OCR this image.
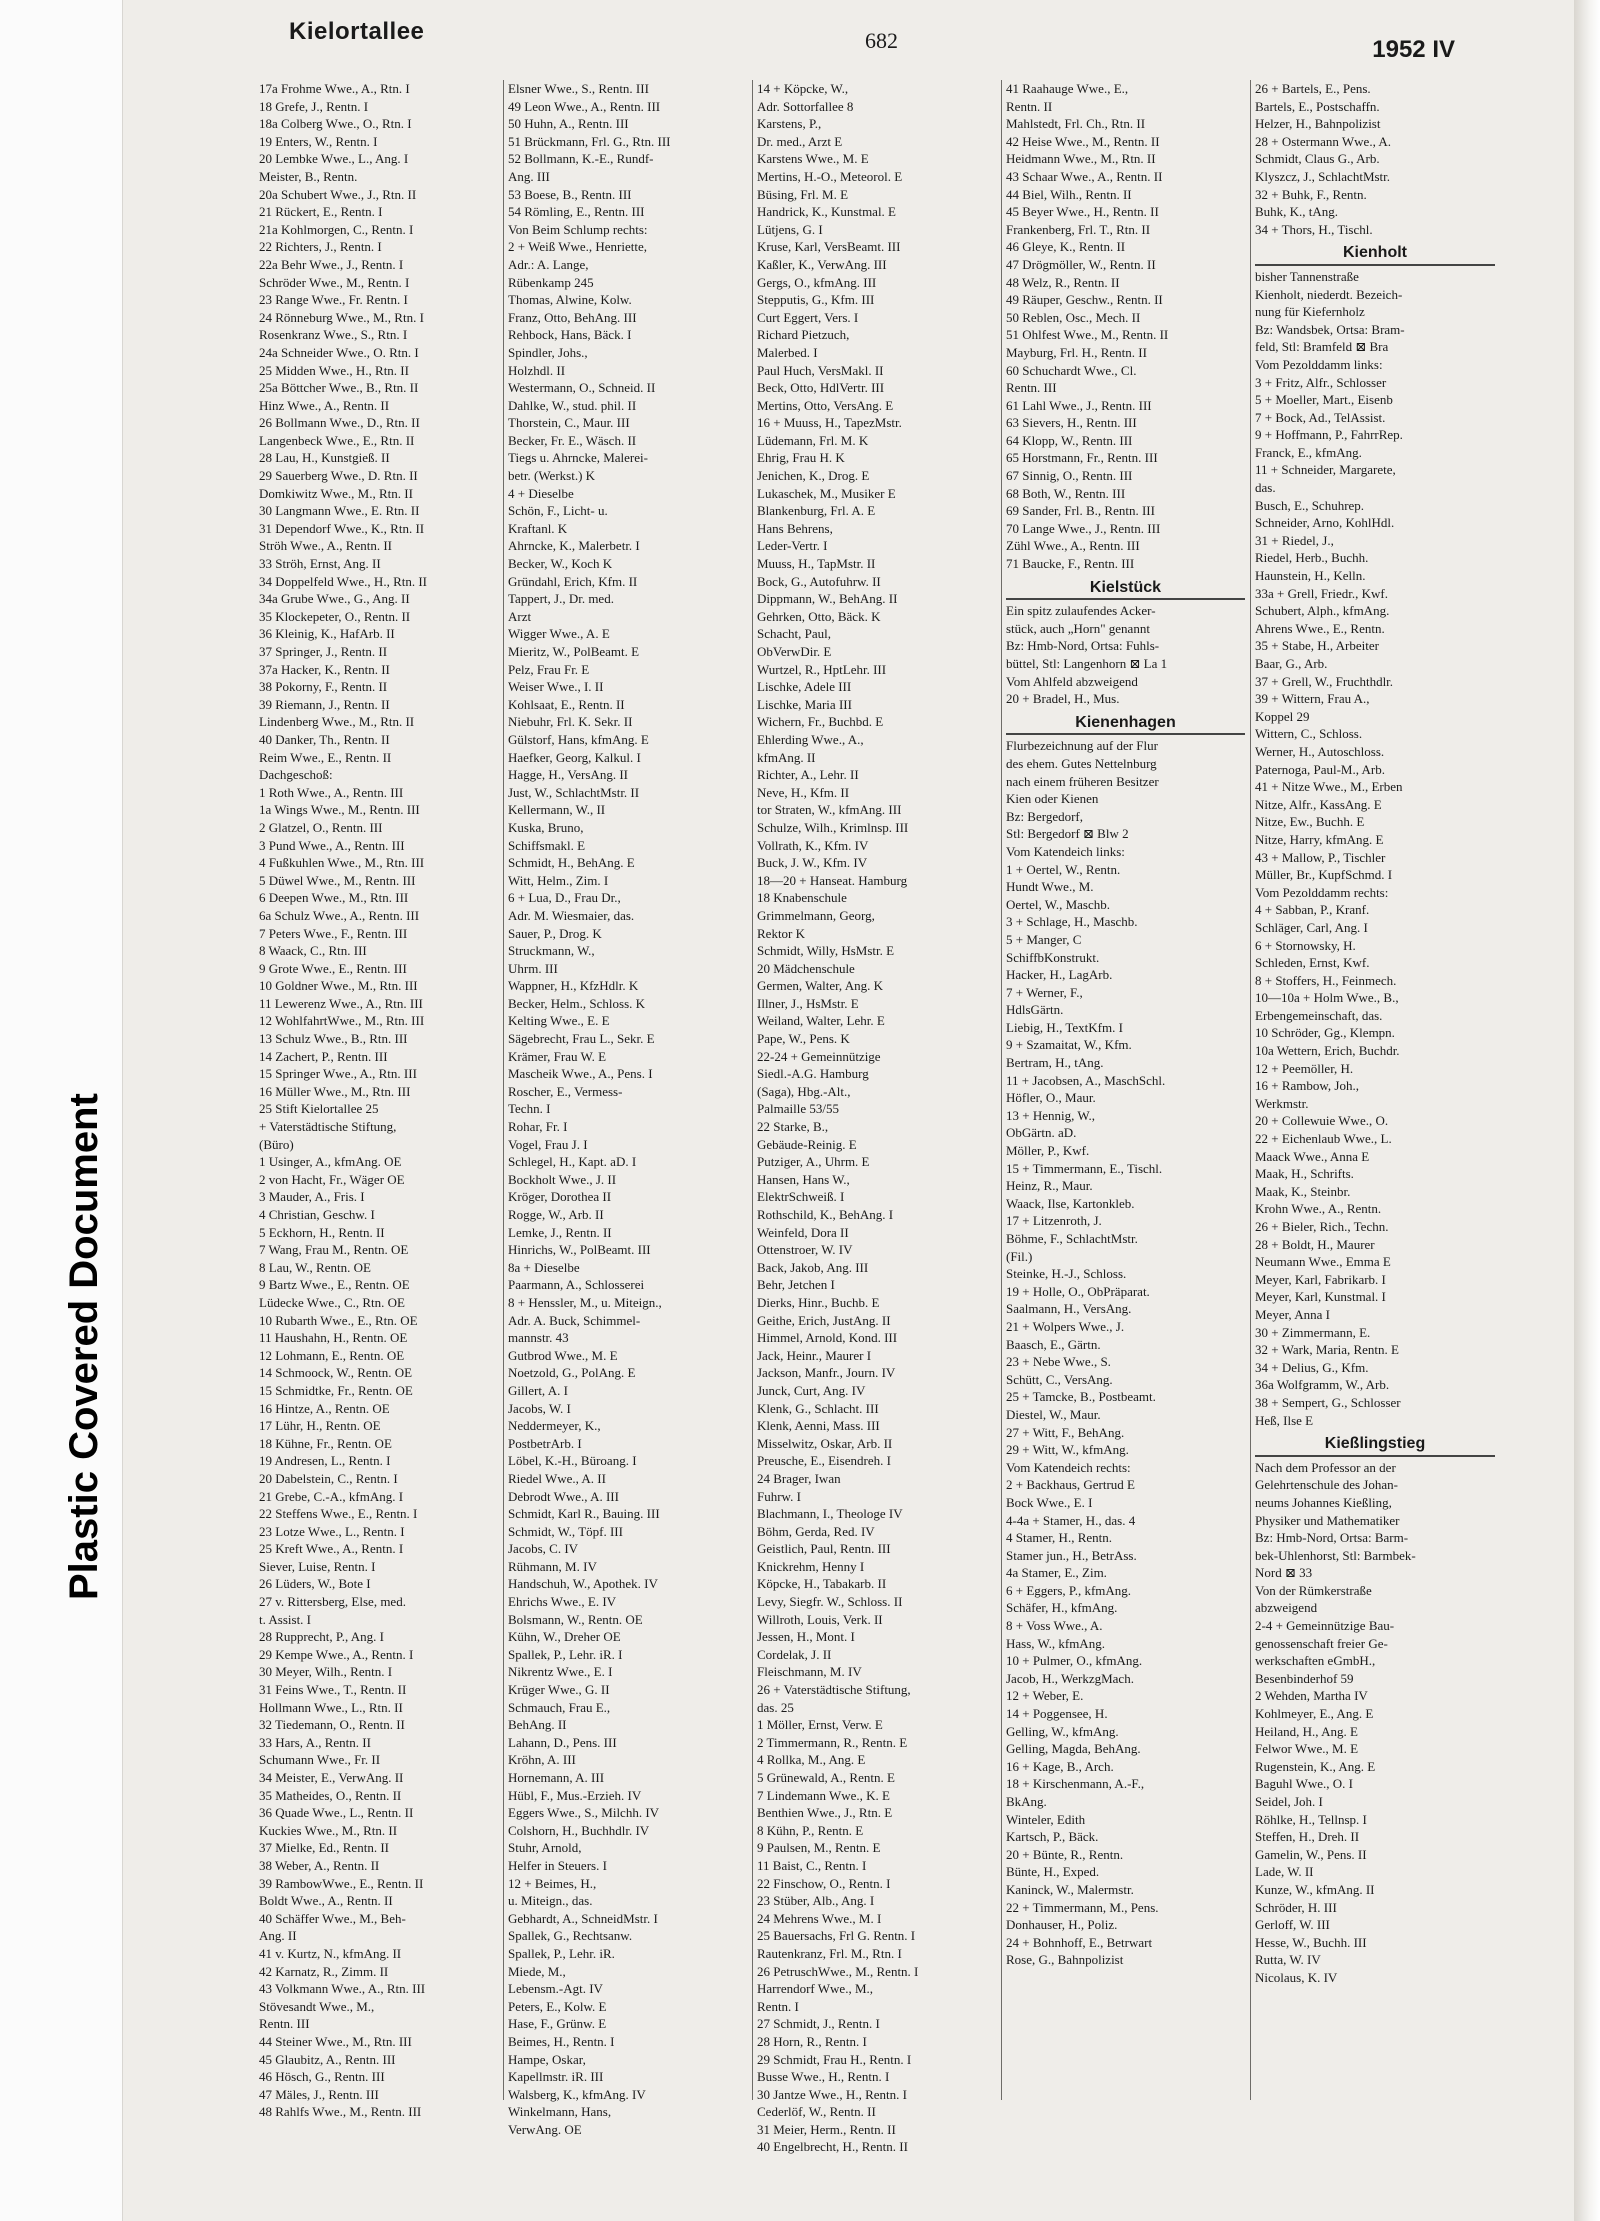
Plastic Covered Document
Kielortallee	682	1952 IV
17a Frohme Wwe., A., Rtn. I
18 Grefe, J., Rentn. I
18a Colberg Wwe., O., Rtn. I
19 Enters, W., Rentn. I
20 Lembke Wwe., L., Ang. I
Meister, B., Rentn.
20a Schubert Wwe., J., Rtn. II
21 Rückert, E., Rentn. I
21a Kohlmorgen, C., Rentn. I
22 Richters, J., Rentn. I
22a Behr Wwe., J., Rentn. I
Schröder Wwe., M., Rentn. I
23 Range Wwe., Fr. Rentn. I
24 Rönneburg Wwe., M., Rtn. I
Rosenkranz Wwe., S., Rtn. I
24a Schneider Wwe., O. Rtn. I
25 Midden Wwe., H., Rtn. II
25a Böttcher Wwe., B., Rtn. II
Hinz Wwe., A., Rentn. II
26 Bollmann Wwe., D., Rtn. II
Langenbeck Wwe., E., Rtn. II
28 Lau, H., Kunstgieß. II
29 Sauerberg Wwe., D. Rtn. II
Domkiwitz Wwe., M., Rtn. II
30 Langmann Wwe., E. Rtn. II
31 Dependorf Wwe., K., Rtn. II
Ströh Wwe., A., Rentn. II
33 Ströh, Ernst, Ang. II
34 Doppelfeld Wwe., H., Rtn. II
34a Grube Wwe., G., Ang. II
35 Klockepeter, O., Rentn. II
36 Kleinig, K., HafArb. II
37 Springer, J., Rentn. II
37a Hacker, K., Rentn. II
38 Pokorny, F., Rentn. II
39 Riemann, J., Rentn. II
Lindenberg Wwe., M., Rtn. II
40 Danker, Th., Rentn. II
Reim Wwe., E., Rentn. II
Dachgeschoß:
1 Roth Wwe., A., Rentn. III
1a Wings Wwe., M., Rentn. III
2 Glatzel, O., Rentn. III
3 Pund Wwe., A., Rentn. III
4 Fußkuhlen Wwe., M., Rtn. III
5 Düwel Wwe., M., Rentn. III
6 Deepen Wwe., M., Rtn. III
6a Schulz Wwe., A., Rentn. III
7 Peters Wwe., F., Rentn. III
8 Waack, C., Rtn. III
9 Grote Wwe., E., Rentn. III
10 Goldner Wwe., M., Rtn. III
11 Lewerenz Wwe., A., Rtn. III
12 WohlfahrtWwe., M., Rtn. III
13 Schulz Wwe., B., Rtn. III
14 Zachert, P., Rentn. III
15 Springer Wwe., A., Rtn. III
16 Müller Wwe., M., Rtn. III
25 Stift Kielortallee 25
+ Vaterstädtische Stiftung,
(Büro)
1 Usinger, A., kfmAng. OE
2 von Hacht, Fr., Wäger OE
3 Mauder, A., Fris. I
4 Christian, Geschw. I
5 Eckhorn, H., Rentn. II
7 Wang, Frau M., Rentn. OE
8 Lau, W., Rentn. OE
9 Bartz Wwe., E., Rentn. OE
Lüdecke Wwe., C., Rtn. OE
10 Rubarth Wwe., E., Rtn. OE
11 Haushahn, H., Rentn. OE
12 Lohmann, E., Rentn. OE
14 Schmoock, W., Rentn. OE
15 Schmidtke, Fr., Rentn. OE
16 Hintze, A., Rentn. OE
17 Lühr, H., Rentn. OE
18 Kühne, Fr., Rentn. OE
19 Andresen, L., Rentn. I
20 Dabelstein, C., Rentn. I
21 Grebe, C.-A., kfmAng. I
22 Steffens Wwe., E., Rentn. I
23 Lotze Wwe., L., Rentn. I
25 Kreft Wwe., A., Rentn. I
Siever, Luise, Rentn. I
26 Lüders, W., Bote I
27 v. Rittersberg, Else, med.
t. Assist. I
28 Rupprecht, P., Ang. I
29 Kempe Wwe., A., Rentn. I
30 Meyer, Wilh., Rentn. I
31 Feins Wwe., T., Rentn. II
Hollmann Wwe., L., Rtn. II
32 Tiedemann, O., Rentn. II
33 Hars, A., Rentn. II
Schumann Wwe., Fr. II
34 Meister, E., VerwAng. II
35 Matheides, O., Rentn. II
36 Quade Wwe., L., Rentn. II
Kuckies Wwe., M., Rtn. II
37 Mielke, Ed., Rentn. II
38 Weber, A., Rentn. II
39 RambowWwe., E., Rentn. II
Boldt Wwe., A., Rentn. II
40 Schäffer Wwe., M., Beh-
Ang. II
41 v. Kurtz, N., kfmAng. II
42 Karnatz, R., Zimm. II
43 Volkmann Wwe., A., Rtn. III
Stövesandt Wwe., M.,
Rentn. III
44 Steiner Wwe., M., Rtn. III
45 Glaubitz, A., Rentn. III
46 Hösch, G., Rentn. III
47 Mäles, J., Rentn. III
48 Rahlfs Wwe., M., Rentn. III
Elsner Wwe., S., Rentn. III
49 Leon Wwe., A., Rentn. III
50 Huhn, A., Rentn. III
51 Brückmann, Frl. G., Rtn. III
52 Bollmann, K.-E., Rundf-
Ang. III
53 Boese, B., Rentn. III
54 Römling, E., Rentn. III
Von Beim Schlump rechts:
2 + Weiß Wwe., Henriette,
Adr.: A. Lange,
Rübenkamp 245
Thomas, Alwine, Kolw.
Franz, Otto, BehAng. III
Rehbock, Hans, Bäck. I
Spindler, Johs.,
Holzhdl. II
Westermann, O., Schneid. II
Dahlke, W., stud. phil. II
Thorstein, C., Maur. III
Becker, Fr. E., Wäsch. II
Tiegs u. Ahrncke, Malerei-
betr. (Werkst.) K
4 + Dieselbe
Schön, F., Licht- u.
Kraftanl. K
Ahrncke, K., Malerbetr. I
Becker, W., Koch K
Gründahl, Erich, Kfm. II
Tappert, J., Dr. med.
Arzt
Wigger Wwe., A. E
Mieritz, W., PolBeamt. E
Pelz, Frau Fr. E
Weiser Wwe., I. II
Kohlsaat, E., Rentn. II
Niebuhr, Frl. K. Sekr. II
Gülstorf, Hans, kfmAng. E
Haefker, Georg, Kalkul. I
Hagge, H., VersAng. II
Just, W., SchlachtMstr. II
Kellermann, W., II
Kuska, Bruno,
Schiffsmakl. E
Schmidt, H., BehAng. E
Witt, Helm., Zim. I
6 + Lua, D., Frau Dr.,
Adr. M. Wiesmaier, das.
Sauer, P., Drog. K
Struckmann, W.,
Uhrm. III
Wappner, H., KfzHdlr. K
Becker, Helm., Schloss. K
Kelting Wwe., E. E
Sägebrecht, Frau L., Sekr. E
Krämer, Frau W. E
Mascheik Wwe., A., Pens. I
Roscher, E., Vermess-
Techn. I
Rohar, Fr. I
Vogel, Frau J. I
Schlegel, H., Kapt. aD. I
Bockholt Wwe., J. II
Kröger, Dorothea II
Rogge, W., Arb. II
Lemke, J., Rentn. II
Hinrichs, W., PolBeamt. III
8a + Dieselbe
Paarmann, A., Schlosserei
8 + Henssler, M., u. Miteign.,
Adr. A. Buck, Schimmel-
mannstr. 43
Gutbrod Wwe., M. E
Noetzold, G., PolAng. E
Gillert, A. I
Jacobs, W. I
Neddermeyer, K.,
PostbetrArb. I
Löbel, K.-H., Büroang. I
Riedel Wwe., A. II
Debrodt Wwe., A. III
Schmidt, Karl R., Bauing. III
Schmidt, W., Töpf. III
Jacobs, C. IV
Rühmann, M. IV
Handschuh, W., Apothek. IV
Ehrichs Wwe., E. IV
Bolsmann, W., Rentn. OE
Kühn, W., Dreher OE
Spallek, P., Lehr. iR. I
Nikrentz Wwe., E. I
Krüger Wwe., G. II
Schmauch, Frau E.,
BehAng. II
Lahann, D., Pens. III
Kröhn, A. III
Hornemann, A. III
Hübl, F., Mus.-Erzieh. IV
Eggers Wwe., S., Milchh. IV
Colshorn, H., Buchhdlr. IV
Stuhr, Arnold,
Helfer in Steuers. I
12 + Beimes, H.,
u. Miteign., das.
Gebhardt, A., SchneidMstr. I
Spallek, G., Rechtsanw.
Spallek, P., Lehr. iR.
Miede, M.,
Lebensm.-Agt. IV
Peters, E., Kolw. E
Hase, F., Grünw. E
Beimes, H., Rentn. I
Hampe, Oskar,
Kapellmstr. iR. III
Walsberg, K., kfmAng. IV
Winkelmann, Hans,
VerwAng. OE
14 + Köpcke, W.,
Adr. Sottorfallee 8
Karstens, P.,
Dr. med., Arzt E
Karstens Wwe., M. E
Mertins, H.-O., Meteorol. E
Büsing, Frl. M. E
Handrick, K., Kunstmal. E
Lütjens, G. I
Kruse, Karl, VersBeamt. III
Kaßler, K., VerwAng. III
Gergs, O., kfmAng. III
Stepputis, G., Kfm. III
Curt Eggert, Vers. I
Richard Pietzuch,
Malerbed. I
Paul Huch, VersMakl. II
Beck, Otto, HdlVertr. III
Mertins, Otto, VersAng. E
16 + Muuss, H., TapezMstr.
Lüdemann, Frl. M. K
Ehrig, Frau H. K
Jenichen, K., Drog. E
Lukaschek, M., Musiker E
Blankenburg, Frl. A. E
Hans Behrens,
Leder-Vertr. I
Muuss, H., TapMstr. II
Bock, G., Autofuhrw. II
Dippmann, W., BehAng. II
Gehrken, Otto, Bäck. K
Schacht, Paul,
ObVerwDir. E
Wurtzel, R., HptLehr. III
Lischke, Adele III
Lischke, Maria III
Wichern, Fr., Buchbd. E
Ehlerding Wwe., A.,
kfmAng. II
Richter, A., Lehr. II
Neve, H., Kfm. II
tor Straten, W., kfmAng. III
Schulze, Wilh., Krimlnsp. III
Vollrath, K., Kfm. IV
Buck, J. W., Kfm. IV
18—20 + Hanseat. Hamburg
18 Knabenschule
Grimmelmann, Georg,
Rektor K
Schmidt, Willy, HsMstr. E
20 Mädchenschule
Germen, Walter, Ang. K
Illner, J., HsMstr. E
Weiland, Walter, Lehr. E
Pape, W., Pens. K
22-24 + Gemeinnützige
Siedl.-A.G. Hamburg
(Saga), Hbg.-Alt.,
Palmaille 53/55
22 Starke, B.,
Gebäude-Reinig. E
Putziger, A., Uhrm. E
Hansen, Hans W.,
ElektrSchweiß. I
Rothschild, K., BehAng. I
Weinfeld, Dora II
Ottenstroer, W. IV
Back, Jakob, Ang. III
Behr, Jetchen I
Dierks, Hinr., Buchb. E
Geithe, Erich, JustAng. II
Himmel, Arnold, Kond. III
Jack, Heinr., Maurer I
Jackson, Manfr., Journ. IV
Junck, Curt, Ang. IV
Klenk, G., Schlacht. III
Klenk, Aenni, Mass. III
Misselwitz, Oskar, Arb. II
Preusche, E., Eisendreh. I
24 Brager, Iwan
Fuhrw. I
Blachmann, I., Theologe IV
Böhm, Gerda, Red. IV
Geistlich, Paul, Rentn. III
Knickrehm, Henny I
Köpcke, H., Tabakarb. II
Levy, Siegfr. W., Schloss. II
Willroth, Louis, Verk. II
Jessen, H., Mont. I
Cordelak, J. II
Fleischmann, M. IV
26 + Vaterstädtische Stiftung,
das. 25
1 Möller, Ernst, Verw. E
2 Timmermann, R., Rentn. E
4 Rollka, M., Ang. E
5 Grünewald, A., Rentn. E
7 Lindemann Wwe., K. E
Benthien Wwe., J., Rtn. E
8 Kühn, P., Rentn. E
9 Paulsen, M., Rentn. E
11 Baist, C., Rentn. I
22 Finschow, O., Rentn. I
23 Stüber, Alb., Ang. I
24 Mehrens Wwe., M. I
25 Bauersachs, Frl G. Rentn. I
Rautenkranz, Frl. M., Rtn. I
26 PetruschWwe., M., Rentn. I
Harrendorf Wwe., M.,
Rentn. I
27 Schmidt, J., Rentn. I
28 Horn, R., Rentn. I
29 Schmidt, Frau H., Rentn. I
Busse Wwe., H., Rentn. I
30 Jantze Wwe., H., Rentn. I
Cederlöf, W., Rentn. II
31 Meier, Herm., Rentn. II
40 Engelbrecht, H., Rentn. II
41 Raahauge Wwe., E.,
Rentn. II
Mahlstedt, Frl. Ch., Rtn. II
42 Heise Wwe., M., Rentn. II
Heidmann Wwe., M., Rtn. II
43 Schaar Wwe., A., Rentn. II
44 Biel, Wilh., Rentn. II
45 Beyer Wwe., H., Rentn. II
Frankenberg, Frl. T., Rtn. II
46 Gleye, K., Rentn. II
47 Drögmöller, W., Rentn. II
48 Welz, R., Rentn. II
49 Räuper, Geschw., Rentn. II
50 Reblen, Osc., Mech. II
51 Ohlfest Wwe., M., Rentn. II
Mayburg, Frl. H., Rentn. II
60 Schuchardt Wwe., Cl.
Rentn. III
61 Lahl Wwe., J., Rentn. III
63 Sievers, H., Rentn. III
64 Klopp, W., Rentn. III
65 Horstmann, Fr., Rentn. III
67 Sinnig, O., Rentn. III
68 Both, W., Rentn. III
69 Sander, Frl. B., Rentn. III
70 Lange Wwe., J., Rentn. III
Zühl Wwe., A., Rentn. III
71 Baucke, F., Rentn. III
Kielstück
Ein spitz zulaufendes Acker-
stück, auch „Horn" genannt
Bz: Hmb-Nord, Ortsa: Fuhls-
büttel, Stl: Langenhorn ⊠ La 1
Vom Ahlfeld abzweigend
20 + Bradel, H., Mus.
Kienenhagen
Flurbezeichnung auf der Flur
des ehem. Gutes Nettelnburg
nach einem früheren Besitzer
Kien oder Kienen
Bz: Bergedorf,
Stl: Bergedorf ⊠ Blw 2
Vom Katendeich links:
1 + Oertel, W., Rentn.
Hundt Wwe., M.
Oertel, W., Maschb.
3 + Schlage, H., Maschb.
5 + Manger, C
SchiffbKonstrukt.
Hacker, H., LagArb.
7 + Werner, F.,
HdlsGärtn.
Liebig, H., TextKfm. I
9 + Szamaitat, W., Kfm.
Bertram, H., tAng.
11 + Jacobsen, A., MaschSchl.
Höfler, O., Maur.
13 + Hennig, W.,
ObGärtn. aD.
Möller, P., Kwf.
15 + Timmermann, E., Tischl.
Heinz, R., Maur.
Waack, Ilse, Kartonkleb.
17 + Litzenroth, J.
Böhme, F., SchlachtMstr.
(Fil.)
Steinke, H.-J., Schloss.
19 + Holle, O., ObPräparat.
Saalmann, H., VersAng.
21 + Wolpers Wwe., J.
Baasch, E., Gärtn.
23 + Nebe Wwe., S.
Schütt, C., VersAng.
25 + Tamcke, B., Postbeamt.
Diestel, W., Maur.
27 + Witt, F., BehAng.
29 + Witt, W., kfmAng.
Vom Katendeich rechts:
2 + Backhaus, Gertrud E
Bock Wwe., E. I
4-4a + Stamer, H., das. 4
4 Stamer, H., Rentn.
Stamer jun., H., BetrAss.
4a Stamer, E., Zim.
6 + Eggers, P., kfmAng.
Schäfer, H., kfmAng.
8 + Voss Wwe., A.
Hass, W., kfmAng.
10 + Pulmer, O., kfmAng.
Jacob, H., WerkzgMach.
12 + Weber, E.
14 + Poggensee, H.
Gelling, W., kfmAng.
Gelling, Magda, BehAng.
16 + Kage, B., Arch.
18 + Kirschenmann, A.-F.,
BkAng.
Winteler, Edith
Kartsch, P., Bäck.
20 + Bünte, R., Rentn.
Bünte, H., Exped.
Kaninck, W., Malermstr.
22 + Timmermann, M., Pens.
Donhauser, H., Poliz.
24 + Bohnhoff, E., Betrwart
Rose, G., Bahnpolizist
26 + Bartels, E., Pens.
Bartels, E., Postschaffn.
Helzer, H., Bahnpolizist
28 + Ostermann Wwe., A.
Schmidt, Claus G., Arb.
Klyszcz, J., SchlachtMstr.
32 + Buhk, F., Rentn.
Buhk, K., tAng.
34 + Thors, H., Tischl.
Kienholt
bisher Tannenstraße
Kienholt, niederdt. Bezeich-
nung für Kiefernholz
Bz: Wandsbek, Ortsa: Bram-
feld, Stl: Bramfeld ⊠ Bra
Vom Pezolddamm links:
3 + Fritz, Alfr., Schlosser
5 + Moeller, Mart., Eisenb
7 + Bock, Ad., TelAssist.
9 + Hoffmann, P., FahrrRep.
Franck, E., kfmAng.
11 + Schneider, Margarete,
das.
Busch, E., Schuhrep.
Schneider, Arno, KohlHdl.
31 + Riedel, J.,
Riedel, Herb., Buchh.
Haunstein, H., Kelln.
33a + Grell, Friedr., Kwf.
Schubert, Alph., kfmAng.
Ahrens Wwe., E., Rentn.
35 + Stabe, H., Arbeiter
Baar, G., Arb.
37 + Grell, W., Fruchthdlr.
39 + Wittern, Frau A.,
Koppel 29
Wittern, C., Schloss.
Werner, H., Autoschloss.
Paternoga, Paul-M., Arb.
41 + Nitze Wwe., M., Erben
Nitze, Alfr., KassAng. E
Nitze, Ew., Buchh. E
Nitze, Harry, kfmAng. E
43 + Mallow, P., Tischler
Müller, Br., KupfSchmd. I
Vom Pezolddamm rechts:
4 + Sabban, P., Kranf.
Schläger, Carl, Ang. I
6 + Stornowsky, H.
Schleden, Ernst, Kwf.
8 + Stoffers, H., Feinmech.
10—10a + Holm Wwe., B.,
Erbengemeinschaft, das.
10 Schröder, Gg., Klempn.
10a Wettern, Erich, Buchdr.
12 + Peemöller, H.
16 + Rambow, Joh.,
Werkmstr.
20 + Collewuie Wwe., O.
22 + Eichenlaub Wwe., L.
Maack Wwe., Anna E
Maak, H., Schrifts.
Maak, K., Steinbr.
Krohn Wwe., A., Rentn.
26 + Bieler, Rich., Techn.
28 + Boldt, H., Maurer
Neumann Wwe., Emma E
Meyer, Karl, Fabrikarb. I
Meyer, Karl, Kunstmal. I
Meyer, Anna I
30 + Zimmermann, E.
32 + Wark, Maria, Rentn. E
34 + Delius, G., Kfm.
36a Wolfgramm, W., Arb.
38 + Sempert, G., Schlosser
Heß, Ilse E
Kießlingstieg
Nach dem Professor an der
Gelehrtenschule des Johan-
neums Johannes Kießling,
Physiker und Mathematiker
Bz: Hmb-Nord, Ortsa: Barm-
bek-Uhlenhorst, Stl: Barmbek-
Nord ⊠ 33
Von der Rümkerstraße
abzweigend
2-4 + Gemeinnützige Bau-
genossenschaft freier Ge-
werkschaften eGmbH.,
Besenbinderhof 59
2 Wehden, Martha IV
Kohlmeyer, E., Ang. E
Heiland, H., Ang. E
Felwor Wwe., M. E
Rugenstein, K., Ang. E
Baguhl Wwe., O. I
Seidel, Joh. I
Röhlke, H., Tellnsp. I
Steffen, H., Dreh. II
Gamelin, W., Pens. II
Lade, W. II
Kunze, W., kfmAng. II
Schröder, H. III
Gerloff, W. III
Hesse, W., Buchh. III
Rutta, W. IV
Nicolaus, K. IV
